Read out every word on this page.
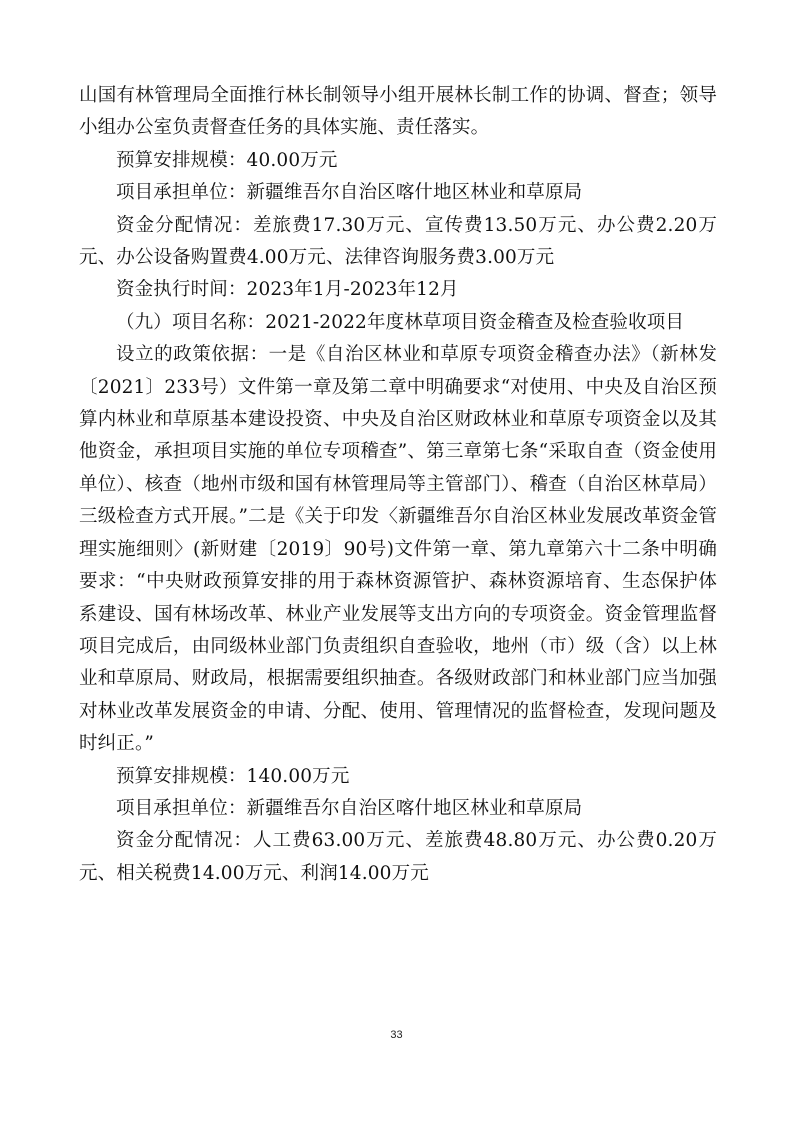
山国有林管理局全面推行林长制领导小组开展林长制工作的协调、督查；领导小组办公室负责督查任务的具体实施、责任落实。

预算安排规模：40.00万元

项目承担单位：新疆维吾尔自治区喀什地区林业和草原局

资金分配情况：差旅费17.30万元、宣传费13.50万元、办公费2.20万元、办公设备购置费4.00万元、法律咨询服务费3.00万元

资金执行时间：2023年1月-2023年12月

（九）项目名称：2021-2022年度林草项目资金稽查及检查验收项目

设立的政策依据：一是《自治区林业和草原专项资金稽查办法》（新林发〔2021〕233号）文件第一章及第二章中明确要求“对使用、中央及自治区预算内林业和草原基本建设投资、中央及自治区财政林业和草原专项资金以及其他资金，承担项目实施的单位专项稽查”、第三章第七条“采取自查（资金使用单位）、核查（地州市级和国有林管理局等主管部门）、稽查（自治区林草局）三级检查方式开展。”二是《关于印发〈新疆维吾尔自治区林业发展改革资金管理实施细则〉(新财建〔2019〕90号)文件第一章、第九章第六十二条中明确要求：“中央财政预算安排的用于森林资源管护、森林资源培育、生态保护体系建设、国有林场改革、林业产业发展等支出方向的专项资金。资金管理监督项目完成后，由同级林业部门负责组织自查验收，地州（市）级（含）以上林业和草原局、财政局，根据需要组织抽查。各级财政部门和林业部门应当加强对林业改革发展资金的申请、分配、使用、管理情况的监督检查，发现问题及时纠正。”

预算安排规模：140.00万元

项目承担单位：新疆维吾尔自治区喀什地区林业和草原局

资金分配情况：人工费63.00万元、差旅费48.80万元、办公费0.20万元、相关税费14.00万元、利润14.00万元

33
